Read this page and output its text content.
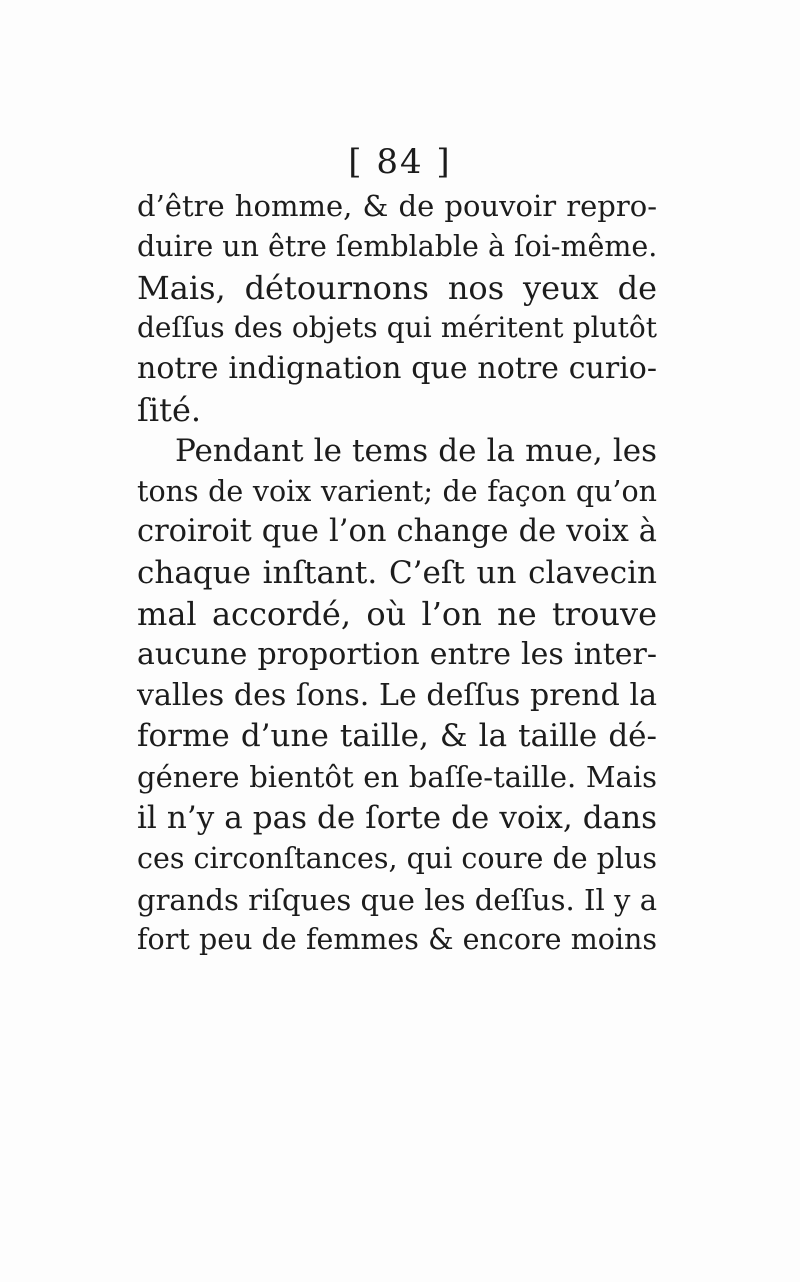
[ 84 ]
d’être homme, & de pouvoir repro-
duire un être ſemblable à ſoi-même.
Mais, détournons nos yeux de
deſſus des objets qui méritent plutôt
notre indignation que notre curio-
ſité.
Pendant le tems de la mue, les
tons de voix varient; de façon qu’on
croiroit que l’on change de voix à
chaque inſtant. C’eſt un clavecin
mal accordé, où l’on ne trouve
aucune proportion entre les inter-
valles des ſons. Le deſſus prend la
forme d’une taille, & la taille dé-
génere bientôt en baſſe-taille. Mais
il n’y a pas de ſorte de voix, dans
ces circonſtances, qui coure de plus
grands riſques que les deſſus. Il y a
fort peu de femmes & encore moins
